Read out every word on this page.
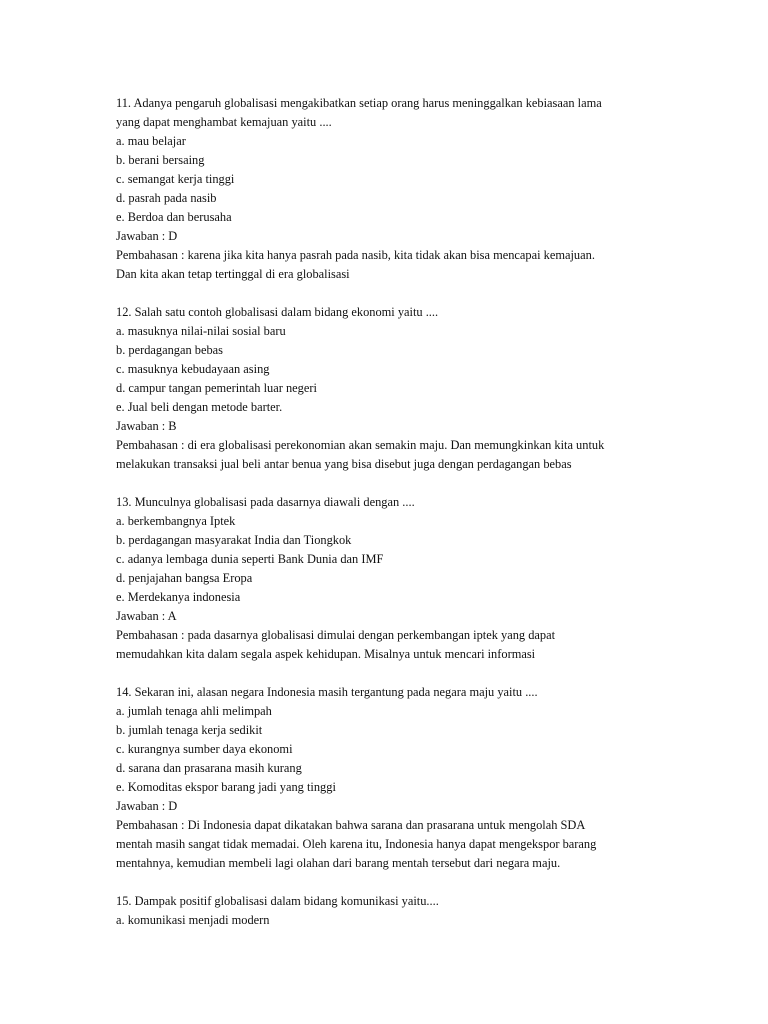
11. Adanya pengaruh globalisasi mengakibatkan setiap orang harus meninggalkan kebiasaan lama
yang dapat menghambat kemajuan yaitu ....
a. mau belajar
b. berani bersaing
c. semangat kerja tinggi
d. pasrah pada nasib
e. Berdoa dan berusaha
Jawaban : D
Pembahasan : karena jika kita hanya pasrah pada nasib, kita tidak akan bisa mencapai kemajuan.
Dan kita akan tetap tertinggal di era globalisasi
12. Salah satu contoh globalisasi dalam bidang ekonomi yaitu ....
a. masuknya nilai-nilai sosial baru
b. perdagangan bebas
c. masuknya kebudayaan asing
d. campur tangan pemerintah luar negeri
e. Jual beli dengan metode barter.
Jawaban : B
Pembahasan : di era globalisasi perekonomian akan semakin maju. Dan memungkinkan kita untuk
melakukan transaksi jual beli antar benua yang bisa disebut juga dengan perdagangan bebas
13. Munculnya globalisasi pada dasarnya diawali dengan ....
a. berkembangnya Iptek
b. perdagangan masyarakat India dan Tiongkok
c. adanya lembaga dunia seperti Bank Dunia dan IMF
d. penjajahan bangsa Eropa
e. Merdekanya indonesia
Jawaban : A
Pembahasan : pada dasarnya globalisasi dimulai dengan perkembangan iptek yang dapat
memudahkan kita dalam segala aspek kehidupan. Misalnya untuk mencari informasi
14. Sekaran ini, alasan negara Indonesia masih tergantung pada negara maju yaitu ....
a. jumlah tenaga ahli melimpah
b. jumlah tenaga kerja sedikit
c. kurangnya sumber daya ekonomi
d. sarana dan prasarana masih kurang
e. Komoditas ekspor barang jadi yang tinggi
Jawaban : D
Pembahasan : Di Indonesia dapat dikatakan bahwa sarana dan prasarana untuk mengolah SDA
mentah masih sangat tidak memadai. Oleh karena itu, Indonesia hanya dapat mengekspor barang
mentahnya, kemudian membeli lagi olahan dari barang mentah tersebut dari negara maju.
15. Dampak positif globalisasi dalam bidang komunikasi yaitu....
a. komunikasi menjadi modern
